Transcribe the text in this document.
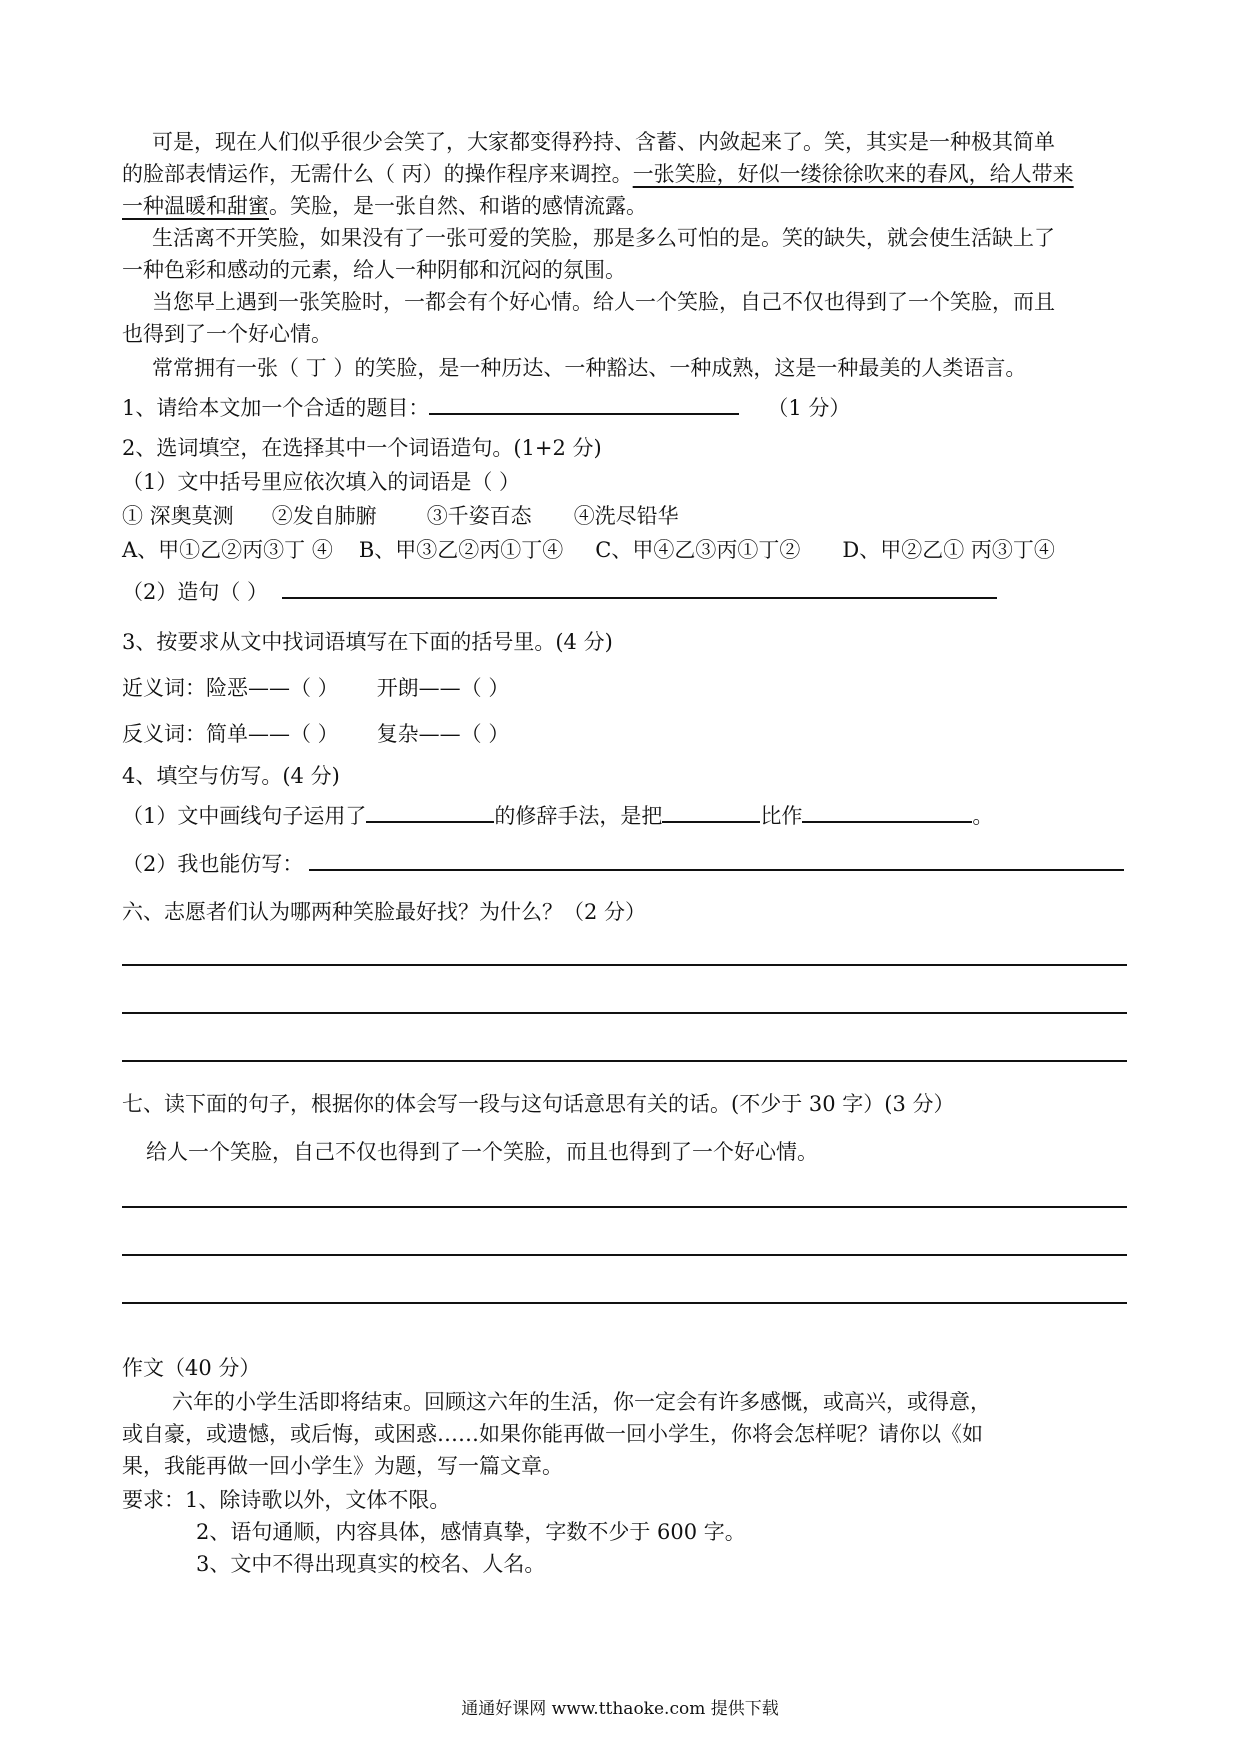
可是，现在人们似乎很少会笑了，大家都变得矜持、含蓄、内敛起来了。笑，其实是一种极其简单
的脸部表情运作，无需什么（ 丙）的操作程序来调控。一张笑脸，好似一缕徐徐吹来的春风，给人带来
一种温暖和甜蜜。笑脸，是一张自然、和谐的感情流露。
生活离不开笑脸，如果没有了一张可爱的笑脸，那是多么可怕的是。笑的缺失，就会使生活缺上了
一种色彩和感动的元素，给人一种阴郁和沉闷的氛围。
当您早上遇到一张笑脸时，一都会有个好心情。给人一个笑脸，自己不仅也得到了一个笑脸，而且
也得到了一个好心情。
常常拥有一张（ 丁 ）的笑脸，是一种历达、一种豁达、一种成熟，这是一种最美的人类语言。
1、请给本文加一个合适的题目：	（1 分）
2、选词填空，在选择其中一个词语造句。(1+2 分)
（1）文中括号里应依次填入的词语是（ ）
① 深奥莫测 ②发自肺腑 ③千姿百态 ④洗尽铅华
A、甲①乙②丙③丁 ④ B、甲③乙②丙①丁④ C、甲④乙③丙①丁② D、甲②乙① 丙③丁④
（2）造句（ ）
3、按要求从文中找词语填写在下面的括号里。(4 分)
近义词：险恶——（ ） 开朗——（ ）
反义词：简单——（ ） 复杂——（ ）
4、填空与仿写。(4 分)
（1）文中画线句子运用了	的修辞手法，是把	比作	。
（2）我也能仿写：
六、志愿者们认为哪两种笑脸最好找？为什么？（2 分）
七、读下面的句子，根据你的体会写一段与这句话意思有关的话。(不少于 30 字）(3 分）
给人一个笑脸，自己不仅也得到了一个笑脸，而且也得到了一个好心情。
作文（40 分）
六年的小学生活即将结束。回顾这六年的生活，你一定会有许多感慨，或高兴，或得意，
或自豪，或遗憾，或后悔，或困惑……如果你能再做一回小学生，你将会怎样呢？请你以《如
果，我能再做一回小学生》为题，写一篇文章。
要求：1、除诗歌以外，文体不限。
2、语句通顺，内容具体，感情真挚，字数不少于 600 字。
3、文中不得出现真实的校名、人名。
通通好课网 www.tthaoke.com 提供下载
